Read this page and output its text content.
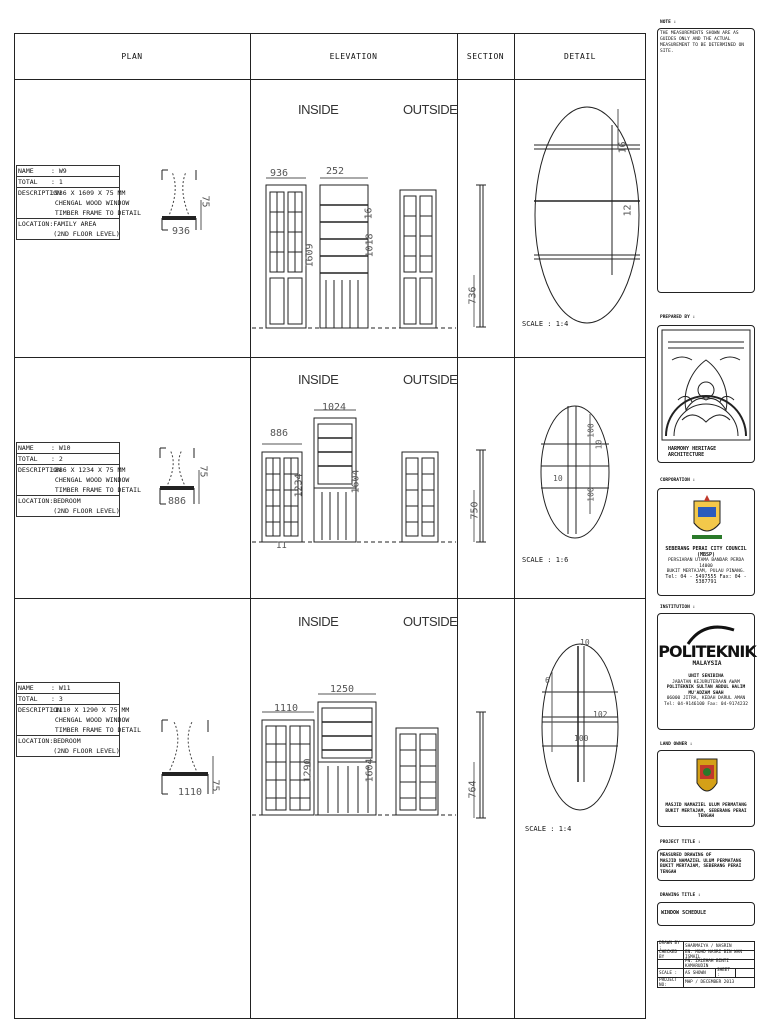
PLAN	ELEVATION	SECTION	DETAIL
NAME	: W9
TOTAL	: 1
DESCRIPTION
:936 X 1609 X 75 MM
CHENGAL WOOD WINDOW
TIMBER FRAME TO DETAIL
LOCATION :FAMILY AREA
(2ND FLOOR LEVEL)	936
75
INSIDE	OUTSIDE
936	252
1609	1018
16
736
16
12
SCALE : 1:4
NAME	: W10
TOTAL	: 2
DESCRIPTION
:886 X 1234 X 75 MM
CHENGAL WOOD WINDOW
TIMBER FRAME TO DETAIL
LOCATION :BEDROOM
(2ND FLOOR LEVEL)
886
75
INSIDE	OUTSIDE
886
1024
1234	1604
11
750
10
100
10
100
SCALE : 1:6
NAME	: W11
TOTAL	: 3
DESCRIPTION
:1110 X 1290 X 75 MM
CHENGAL WOOD WINDOW
TIMBER FRAME TO DETAIL
LOCATION :BEDROOM
(2ND FLOOR LEVEL)
1110
75
INSIDE	OUTSIDE
1110
1250
1290	1604
764
10
6
102
100
SCALE : 1:4
NOTE :
THE MEASUREMENTS SHOWN ARE AS
GUIDES ONLY AND THE ACTUAL
MEASUREMENT TO BE DETERMINED ON
SITE.
PREPARED BY :
HARMONY HERITAGE ARCHITECTURE
CORPORATION :
SEBERANG PERAI CITY COUNCIL (MBSP)
PERSIARAN UTAMA BANDAR PERDA 14000
BUKIT MERTAJAM, PULAU PINANG.
Tel: 04 - 5497555 Fax: 04 - 5387791
INSTITUTION :
POLITEKNIK
MALAYSIA
UNIT SENIBINA
JABATAN KEJURUTERAAN AWAM
POLITEKNIK SULTAN ABDUL HALIM MU'ADZAM SHAH
06000 JITRA, KEDAH DARUL AMAN
Tel: 04-9146100 Fax: 04-9174232
LAND OWNER :
MASJID NAMAZIEL ULUM PERMATANG
BUKIT MERTAJAM, SEBERANG PERAI TENGAH
PROJECT TITLE :
MEASURED DRAWING OF
MASJID NAMAZIEL ULUM PERMATANG
BUKIT MERTAJAM, SEBERANG PERAI TENGAH
DRAWING TITLE :
WINDOW SCHEDULE
DRAWN BY :	SHARMAIYA / NASRIN
CHECKED BY
EN. MOHD NASRI BIN WAN ISMAIL
PN. ZALEHAH BINTI KAMARUDIN
SCALE :	AS SHOWN	SHEET :
PROJECT NO:	MHP / DECEMBER 2013
